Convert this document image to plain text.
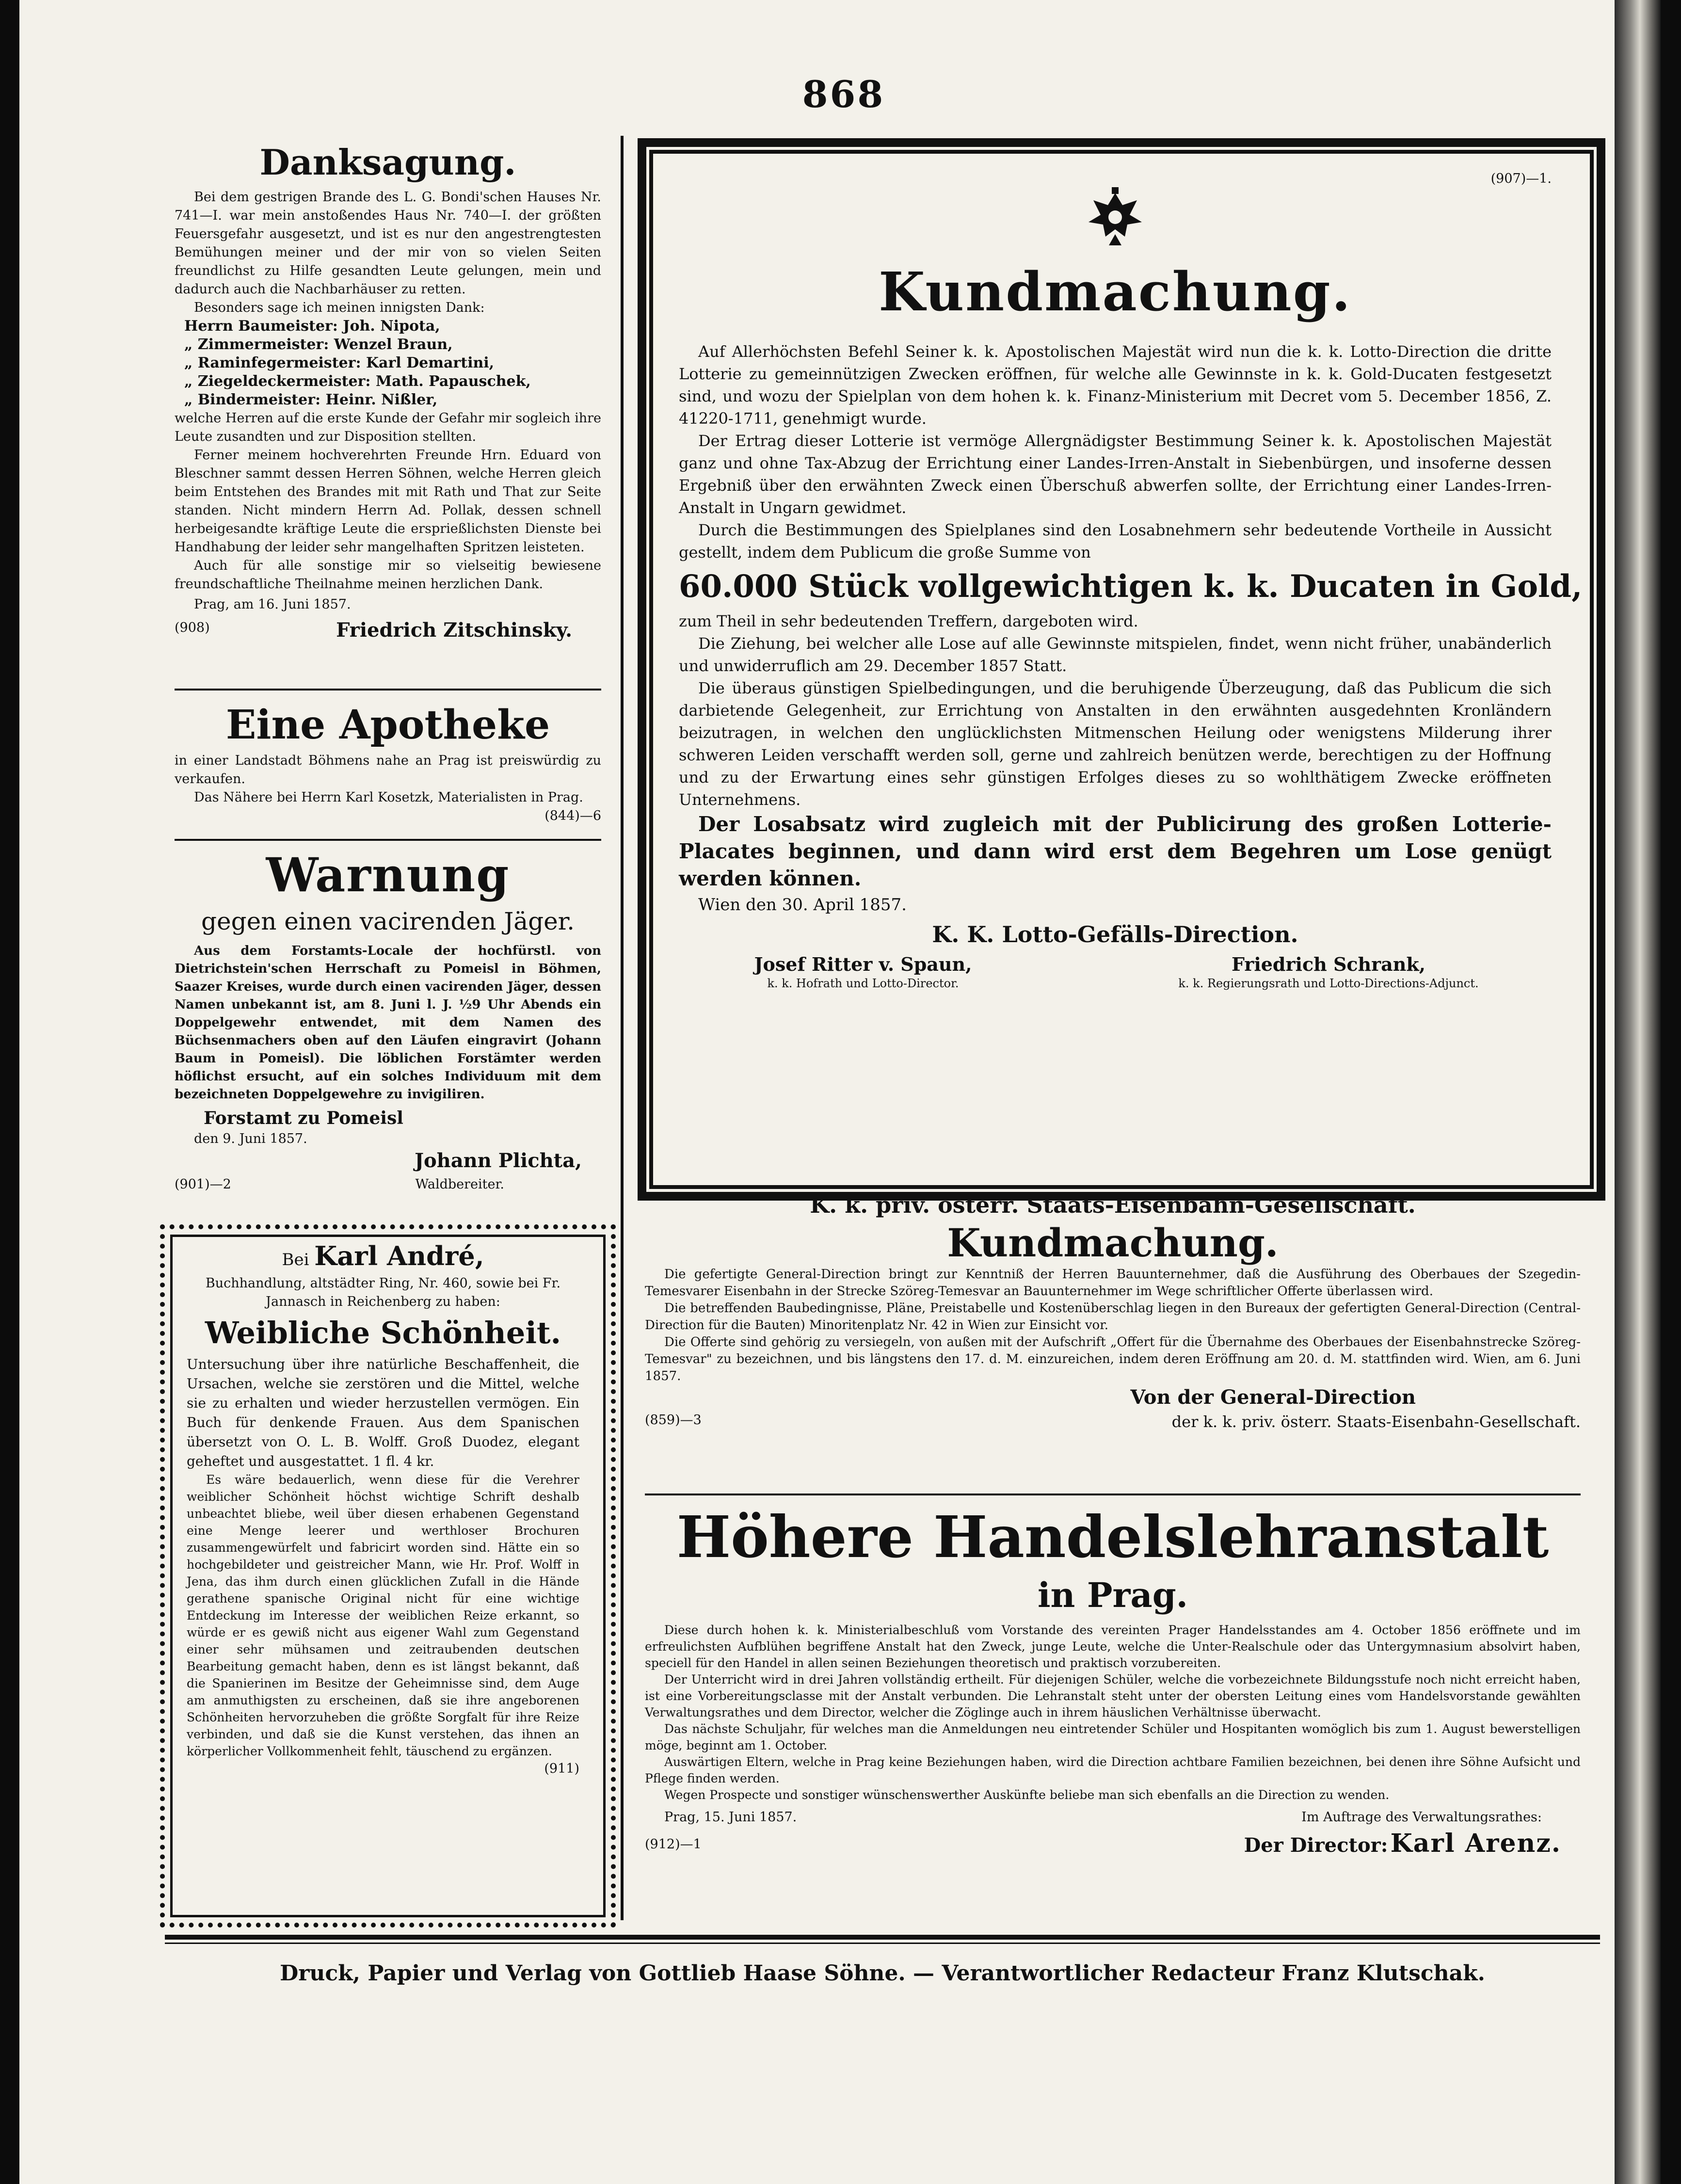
868
Danksagung.

Bei dem gestrigen Brande des L. G. Bondi'schen Hauses Nr. 741—I. war mein anstoßendes Haus Nr. 740—I. der größten Feuersgefahr ausgesetzt, und ist es nur den angestrengtesten Bemühungen meiner und der mir von so vielen Seiten freundlichst zu Hilfe gesandten Leute gelungen, mein und dadurch auch die Nachbarhäuser zu retten.

Besonders sage ich meinen innigsten Dank:

Herrn Baumeister: Joh. Nipota,
„ Zimmermeister: Wenzel Braun,
„ Raminfegermeister: Karl Demartini,
„ Ziegeldeckermeister: Math. Papauschek,
„ Bindermeister: Heinr. Nißler,

welche Herren auf die erste Kunde der Gefahr mir sogleich ihre Leute zusandten und zur Disposition stellten.

Ferner meinem hochverehrten Freunde Hrn. Eduard von Bleschner sammt dessen Herren Söhnen, welche Herren gleich beim Entstehen des Brandes mit mit Rath und That zur Seite standen. Nicht mindern Herrn Ad. Pollak, dessen schnell herbeigesandte kräftige Leute die ersprießlichsten Dienste bei Handhabung der leider sehr mangelhaften Spritzen leisteten.

Auch für alle sonstige mir so vielseitig bewiesene freundschaftliche Theilnahme meinen herzlichen Dank.

Prag, am 16. Juni 1857.

(908)	Friedrich Zitschinsky.
Eine Apotheke

in einer Landstadt Böhmens nahe an Prag ist preiswürdig zu verkaufen.

Das Nähere bei Herrn Karl Kosetzk, Materialisten in Prag.

(844)—6
Warnung
gegen einen vacirenden Jäger.

Aus dem Forstamts-Locale der hochfürstl. von Dietrichstein'schen Herrschaft zu Pomeisl in Böhmen, Saazer Kreises, wurde durch einen vacirenden Jäger, dessen Namen unbekannt ist, am 8. Juni l. J. ½9 Uhr Abends ein Doppelgewehr entwendet, mit dem Namen des Büchsenmachers oben auf den Läufen eingravirt (Johann Baum in Pomeisl). Die löblichen Forstämter werden höflichst ersucht, auf ein solches Individuum mit dem bezeichneten Doppelgewehre zu invigiliren.

Forstamt zu Pomeisl
den 9. Juni 1857.
Johann Plichta,
(901)—2	Waldbereiter.
Bei Karl André,

Buchhandlung, altstädter Ring, Nr. 460, sowie bei Fr. Jannasch in Reichenberg zu haben:

Weibliche Schönheit.

Untersuchung über ihre natürliche Beschaffenheit, die Ursachen, welche sie zerstören und die Mittel, welche sie zu erhalten und wieder herzustellen vermögen. Ein Buch für denkende Frauen. Aus dem Spanischen übersetzt von O. L. B. Wolff. Groß Duodez, elegant geheftet und ausgestattet. 1 fl. 4 kr.

Es wäre bedauerlich, wenn diese für die Verehrer weiblicher Schönheit höchst wichtige Schrift deshalb unbeachtet bliebe, weil über diesen erhabenen Gegenstand eine Menge leerer und werthloser Brochuren zusammengewürfelt und fabricirt worden sind. Hätte ein so hochgebildeter und geistreicher Mann, wie Hr. Prof. Wolff in Jena, das ihm durch einen glücklichen Zufall in die Hände gerathene spanische Original nicht für eine wichtige Entdeckung im Interesse der weiblichen Reize erkannt, so würde er es gewiß nicht aus eigener Wahl zum Gegenstand einer sehr mühsamen und zeitraubenden deutschen Bearbeitung gemacht haben, denn es ist längst bekannt, daß die Spanierinen im Besitze der Geheimnisse sind, dem Auge am anmuthigsten zu erscheinen, daß sie ihre angeborenen Schönheiten hervorzuheben die größte Sorgfalt für ihre Reize verbinden, und daß sie die Kunst verstehen, das ihnen an körperlicher Vollkommenheit fehlt, täuschend zu ergänzen.

(911)
(907)—1.
Kundmachung.

Auf Allerhöchsten Befehl Seiner k. k. Apostolischen Majestät wird nun die k. k. Lotto-Direction die dritte Lotterie zu gemeinnützigen Zwecken eröffnen, für welche alle Gewinnste in k. k. Gold-Ducaten festgesetzt sind, und wozu der Spielplan von dem hohen k. k. Finanz-Ministerium mit Decret vom 5. December 1856, Z. 41220-1711, genehmigt wurde.

Der Ertrag dieser Lotterie ist vermöge Allergnädigster Bestimmung Seiner k. k. Apostolischen Majestät ganz und ohne Tax-Abzug der Errichtung einer Landes-Irren-Anstalt in Siebenbürgen, und insoferne dessen Ergebniß über den erwähnten Zweck einen Überschuß abwerfen sollte, der Errichtung einer Landes-Irren-Anstalt in Ungarn gewidmet.

Durch die Bestimmungen des Spielplanes sind den Losabnehmern sehr bedeutende Vortheile in Aussicht gestellt, indem dem Publicum die große Summe von

60.000 Stück vollgewichtigen k. k. Ducaten in Gold,

zum Theil in sehr bedeutenden Treffern, dargeboten wird.

Die Ziehung, bei welcher alle Lose auf alle Gewinnste mitspielen, findet, wenn nicht früher, unabänderlich und unwiderruflich am 29. December 1857 Statt.

Die überaus günstigen Spielbedingungen, und die beruhigende Überzeugung, daß das Publicum die sich darbietende Gelegenheit, zur Errichtung von Anstalten in den erwähnten ausgedehnten Kronländern beizutragen, in welchen den unglücklichsten Mitmenschen Heilung oder wenigstens Milderung ihrer schweren Leiden verschafft werden soll, gerne und zahlreich benützen werde, berechtigen zu der Hoffnung und zu der Erwartung eines sehr günstigen Erfolges dieses zu so wohlthätigem Zwecke eröffneten Unternehmens.

Der Losabsatz wird zugleich mit der Publicirung des großen Lotterie-Placates beginnen, und dann wird erst dem Begehren um Lose genügt werden können.

Wien den 30. April 1857.

K. K. Lotto-Gefälls-Direction.
Josef Ritter v. Spaun,
k. k. Hofrath und Lotto-Director.
Friedrich Schrank,
k. k. Regierungsrath und Lotto-Directions-Adjunct.
K. k. priv. österr. Staats-Eisenbahn-Gesellschaft.
Kundmachung.

Die gefertigte General-Direction bringt zur Kenntniß der Herren Bauunternehmer, daß die Ausführung des Oberbaues der Szegedin-Temesvarer Eisenbahn in der Strecke Szöreg-Temesvar an Bauunternehmer im Wege schriftlicher Offerte überlassen wird.

Die betreffenden Baubedingnisse, Pläne, Preistabelle und Kostenüberschlag liegen in den Bureaux der gefertigten General-Direction (Central-Direction für die Bauten) Minoritenplatz Nr. 42 in Wien zur Einsicht vor.

Die Offerte sind gehörig zu versiegeln, von außen mit der Aufschrift „Offert für die Übernahme des Oberbaues der Eisenbahnstrecke Szöreg-Temesvar" zu bezeichnen, und bis längstens den 17. d. M. einzureichen, indem deren Eröffnung am 20. d. M. stattfinden wird. Wien, am 6. Juni 1857.

Von der General-Direction
(859)—3	der k. k. priv. österr. Staats-Eisenbahn-Gesellschaft.
Höhere Handelslehranstalt
in Prag.

Diese durch hohen k. k. Ministerialbeschluß vom Vorstande des vereinten Prager Handelsstandes am 4. October 1856 eröffnete und im erfreulichsten Aufblühen begriffene Anstalt hat den Zweck, junge Leute, welche die Unter-Realschule oder das Untergymnasium absolvirt haben, speciell für den Handel in allen seinen Beziehungen theoretisch und praktisch vorzubereiten.

Der Unterricht wird in drei Jahren vollständig ertheilt. Für diejenigen Schüler, welche die vorbezeichnete Bildungsstufe noch nicht erreicht haben, ist eine Vorbereitungsclasse mit der Anstalt verbunden. Die Lehranstalt steht unter der obersten Leitung eines vom Handelsvorstande gewählten Verwaltungsrathes und dem Director, welcher die Zöglinge auch in ihrem häuslichen Verhältnisse überwacht.

Das nächste Schuljahr, für welches man die Anmeldungen neu eintretender Schüler und Hospitanten womöglich bis zum 1. August bewerstelligen möge, beginnt am 1. October.

Auswärtigen Eltern, welche in Prag keine Beziehungen haben, wird die Direction achtbare Familien bezeichnen, bei denen ihre Söhne Aufsicht und Pflege finden werden.

Wegen Prospecte und sonstiger wünschenswerther Auskünfte beliebe man sich ebenfalls an die Direction zu wenden.

Prag, 15. Juni 1857.	Im Auftrage des Verwaltungsrathes:
(912)—1	Der Director: Karl Arenz.
Druck, Papier und Verlag von Gottlieb Haase Söhne. — Verantwortlicher Redacteur Franz Klutschak.
